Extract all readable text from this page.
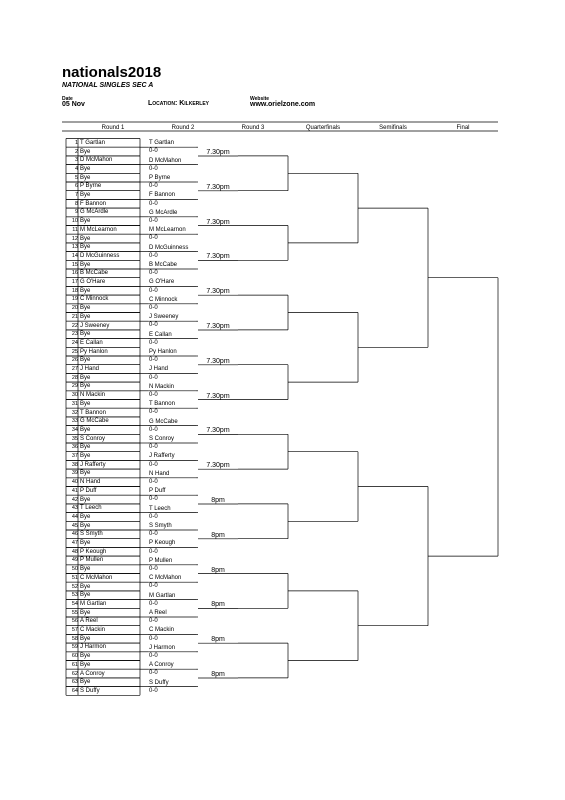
nationals2018
NATIONAL SINGLES SEC A
Date
05 Nov	Location: Kilkerley
Website
www.orielzone.com
Round 1	Round 2	Round 3	Quarterfinals	Semifinals	Final
1 T Gartlan
2 Bye
3 D McMahon
4 Bye
5 Bye
6 P Byrne
7 Bye
8 F Bannon
9 G McArdle
10 Bye
11 M McLearnon
12 Bye
13 Bye
14 D McGuinness
15 Bye
16 B McCabe
17 G O'Hare
18 Bye
19 C Minnock
20 Bye
21 Bye
22 J Sweeney
23 Bye
24 E Callan
25 Py Hanlon
26 Bye
27 J Hand
28 Bye
29 Bye
30 N Mackin
31 Bye
32 T Bannon
33 G McCabe
34 Bye
35 S Conroy
36 Bye
37 Bye
38 J Rafferty
39 Bye
40 N Hand
41 P Duff
42 Bye
43 T Leech
44 Bye
45 Bye
46 S Smyth
47 Bye
48 P Keough
49 P Mullen
50 Bye
51 C McMahon
52 Bye
53 Bye
54 M Gartlan
55 Bye
56 A Reel
57 C Mackin
58 Bye
59 J Harmon
60 Bye
61 Bye
62 A Conroy
63 Bye
64 S Duffy
T Gartlan
0-0
D McMahon
0-0
P Byrne
0-0
F Bannon
0-0
G McArdle
0-0
M McLearnon
0-0
D McGuinness
0-0
B McCabe
0-0
G O'Hare
0-0
C Minnock
0-0
J Sweeney
0-0
E Callan
0-0
Py Hanlon
0-0
J Hand
0-0
N Mackin
0-0
T Bannon
0-0
G McCabe
0-0
S Conroy
0-0
J Rafferty
0-0
N Hand
0-0
P Duff
0-0
T Leech
0-0
S Smyth
0-0
P Keough
0-0
P Mullen
0-0
C McMahon
0-0
M Gartlan
0-0
A Reel
0-0
C Mackin
0-0
J Harmon
0-0
A Conroy
0-0
S Duffy
0-0
7.30pm
7.30pm
7.30pm
7.30pm
7.30pm
7.30pm
7.30pm
7.30pm
7.30pm
7.30pm
8pm
8pm
8pm
8pm
8pm
8pm
